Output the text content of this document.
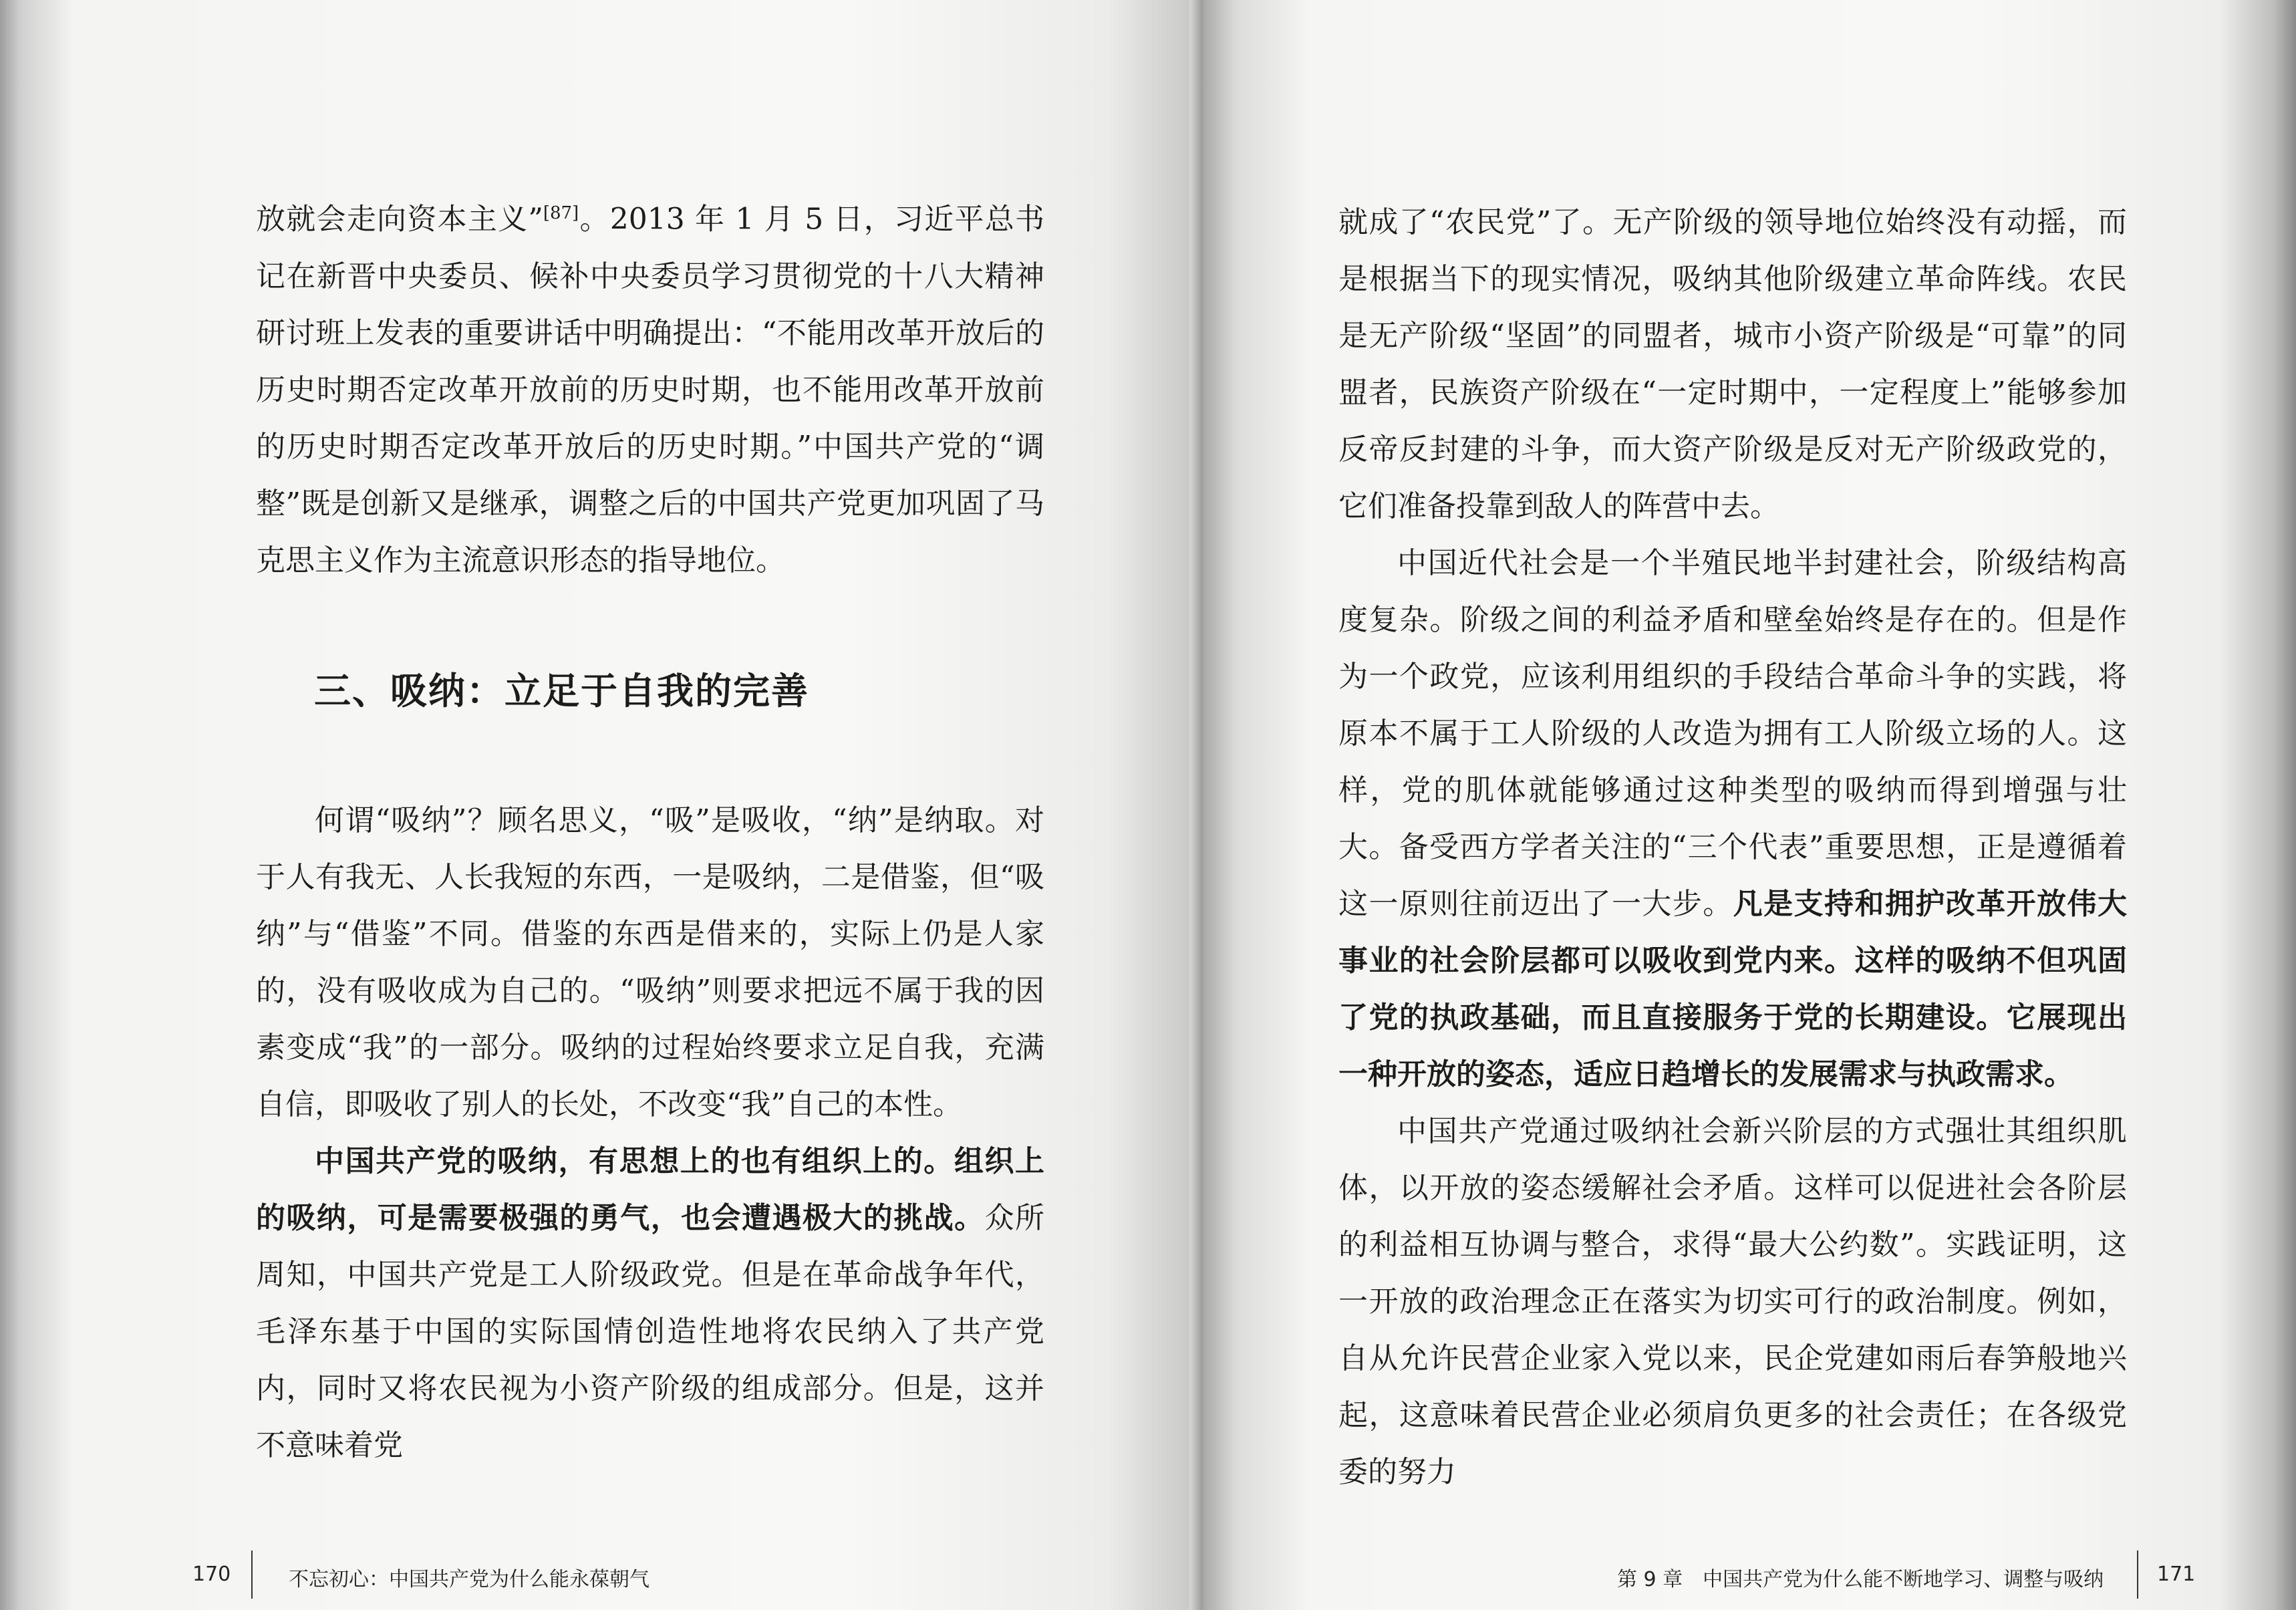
放就会走向资本主义”[87]。2013 年 1 月 5 日，习近平总书记在新晋中央委员、候补中央委员学习贯彻党的十八大精神研讨班上发表的重要讲话中明确提出：“不能用改革开放后的历史时期否定改革开放前的历史时期，也不能用改革开放前的历史时期否定改革开放后的历史时期。”中国共产党的“调整”既是创新又是继承，调整之后的中国共产党更加巩固了马克思主义作为主流意识形态的指导地位。

三、吸纳：立足于自我的完善

何谓“吸纳”？顾名思义，“吸”是吸收，“纳”是纳取。对于人有我无、人长我短的东西，一是吸纳，二是借鉴，但“吸纳”与“借鉴”不同。借鉴的东西是借来的，实际上仍是人家的，没有吸收成为自己的。“吸纳”则要求把远不属于我的因素变成“我”的一部分。吸纳的过程始终要求立足自我，充满自信，即吸收了别人的长处，不改变“我”自己的本性。

中国共产党的吸纳，有思想上的也有组织上的。组织上的吸纳，可是需要极强的勇气，也会遭遇极大的挑战。众所周知，中国共产党是工人阶级政党。但是在革命战争年代，毛泽东基于中国的实际国情创造性地将农民纳入了共产党内，同时又将农民视为小资产阶级的组成部分。但是，这并不意味着党

170	不忘初心：中国共产党为什么能永葆朝气

就成了“农民党”了。无产阶级的领导地位始终没有动摇，而是根据当下的现实情况，吸纳其他阶级建立革命阵线。农民是无产阶级“坚固”的同盟者，城市小资产阶级是“可靠”的同盟者，民族资产阶级在“一定时期中，一定程度上”能够参加反帝反封建的斗争，而大资产阶级是反对无产阶级政党的，它们准备投靠到敌人的阵营中去。

中国近代社会是一个半殖民地半封建社会，阶级结构高度复杂。阶级之间的利益矛盾和壁垒始终是存在的。但是作为一个政党，应该利用组织的手段结合革命斗争的实践，将原本不属于工人阶级的人改造为拥有工人阶级立场的人。这样，党的肌体就能够通过这种类型的吸纳而得到增强与壮大。备受西方学者关注的“三个代表”重要思想，正是遵循着这一原则往前迈出了一大步。凡是支持和拥护改革开放伟大事业的社会阶层都可以吸收到党内来。这样的吸纳不但巩固了党的执政基础，而且直接服务于党的长期建设。它展现出一种开放的姿态，适应日趋增长的发展需求与执政需求。

中国共产党通过吸纳社会新兴阶层的方式强壮其组织肌体，以开放的姿态缓解社会矛盾。这样可以促进社会各阶层的利益相互协调与整合，求得“最大公约数”。实践证明，这一开放的政治理念正在落实为切实可行的政治制度。例如，自从允许民营企业家入党以来，民企党建如雨后春笋般地兴起，这意味着民营企业必须肩负更多的社会责任；在各级党委的努力

第 9 章　中国共产党为什么能不断地学习、调整与吸纳	171
